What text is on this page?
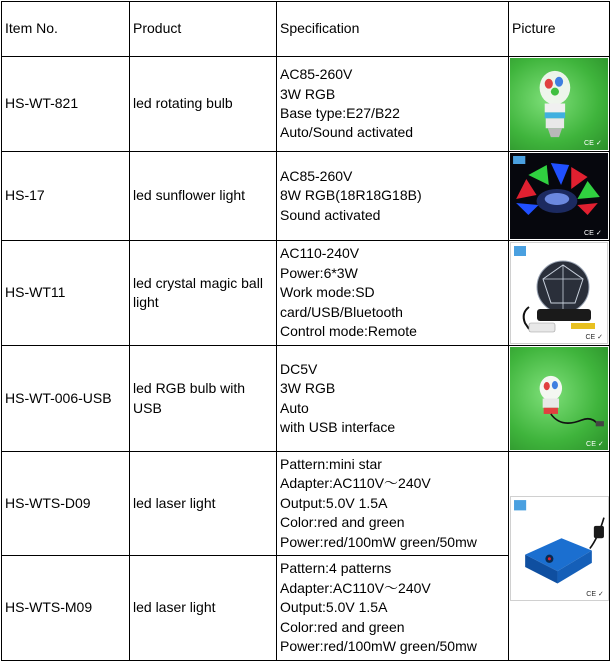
Item No.	Product	Specification	Picture
HS-WT-821	led rotating bulb	AC85-260V
3W RGB
Base type:E27/B22
Auto/Sound activated	CE ✓

HS-17	led sunflower light	AC85-260V
8W RGB(18R18G18B)
Sound activated	CE ✓

HS-WT11	led crystal magic ball
light	AC110-240V
Power:6*3W
Work mode:SD
card/USB/Bluetooth
Control mode:Remote	CE ✓

HS-WT-006-USB	led RGB bulb with
USB	DC5V
3W RGB
Auto
with USB interface	CE ✓

HS-WTS-D09	led laser light	Pattern:mini star
Adapter:AC110V～240V
Output:5.0V 1.5A
Color:red and green
Power:red/100mW green/50mw	CE ✓

HS-WTS-M09	led laser light	Pattern:4 patterns
Adapter:AC110V～240V
Output:5.0V 1.5A
Color:red and green
Power:red/100mW green/50mw	
